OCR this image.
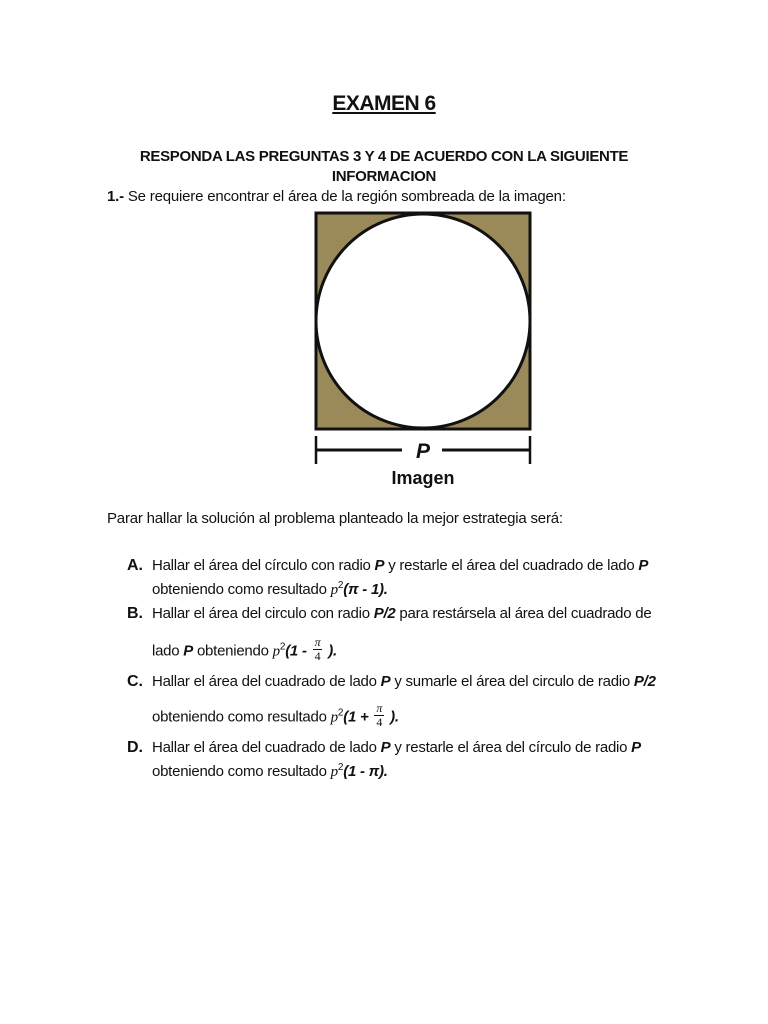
EXAMEN 6
RESPONDA LAS PREGUNTAS 3 Y 4 DE ACUERDO CON LA SIGUIENTE
INFORMACION
1.- Se requiere encontrar el área de la región sombreada de la imagen:
P
Imagen
Parar hallar la solución al problema planteado la mejor estrategia será:
A. Hallar el área del círculo con radio P y restarle el área del cuadrado de lado P
obteniendo como resultado $p^2(\pi - 1)$.
B. Hallar el área del circulo con radio P/2 para restársela al área del cuadrado de
lado P obteniendo $p^2(1 - \frac{\pi}{4}$ ).
C. Hallar el área del cuadrado de lado P y sumarle el área del circulo de radio P/2
obteniendo como resultado $p^2(1 + \frac{\pi}{4}$ ).
D. Hallar el área del cuadrado de lado P y restarle el área del círculo de radio P
obteniendo como resultado $p^2(1 - \pi)$.
